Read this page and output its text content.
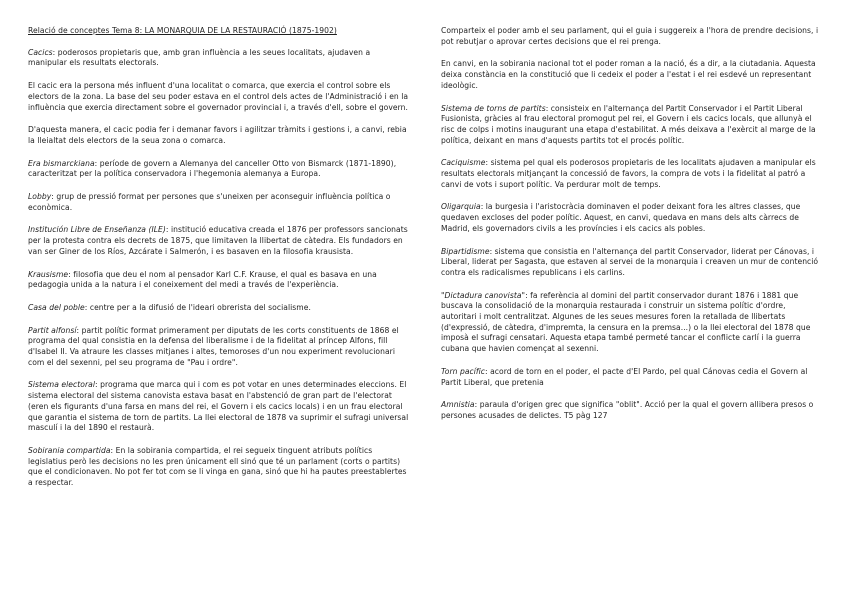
Relació de conceptes Tema 8: LA MONARQUIA DE LA RESTAURACIÓ (1875-1902)

Cacics: poderosos propietaris que, amb gran influència a les seues localitats, ajudaven a manipular els resultats electorals.

El cacic era la persona més influent d'una localitat o comarca, que exercia el control sobre els electors de la zona. La base del seu poder estava en el control dels actes de l'Administració i en la influència que exercia directament sobre el governador provincial i, a través d'ell, sobre el govern.

D'aquesta manera, el cacic podia fer i demanar favors i agilitzar tràmits i gestions i, a canvi, rebia la lleialtat dels electors de la seua zona o comarca.

Era bismarckiana: període de govern a Alemanya del canceller Otto von Bismarck (1871-1890), caracteritzat per la política conservadora i l'hegemonia alemanya a Europa.

Lobby: grup de pressió format per persones que s'uneixen per aconseguir influència política o econòmica.

Institución Libre de Enseñanza (ILE): institució educativa creada el 1876 per professors sancionats per la protesta contra els decrets de 1875, que limitaven la llibertat de càtedra. Els fundadors en van ser Giner de los Ríos, Azcárate i Salmerón, i es basaven en la filosofia krausista.

Krausisme: filosofia que deu el nom al pensador Karl C.F. Krause, el qual es basava en una pedagogia unida a la natura i el coneixement del medi a través de l'experiència.

Casa del poble: centre per a la difusió de l'ideari obrerista del socialisme.

Partit alfonsí: partit polític format primerament per diputats de les corts constituents de 1868 el programa del qual consistia en la defensa del liberalisme i de la fidelitat al príncep Alfons, fill d'Isabel II. Va atraure les classes mitjanes i altes, temoroses d'un nou experiment revolucionari com el del sexenni, pel seu programa de "Pau i ordre".

Sistema electoral: programa que marca qui i com es pot votar en unes determinades eleccions. El sistema electoral del sistema canovista estava basat en l'abstenció de gran part de l'electorat (eren els figurants d'una farsa en mans del rei, el Govern i els cacics locals) i en un frau electoral que garantia el sistema de torn de partits. La llei electoral de 1878 va suprimir el sufragi universal masculí i la del 1890 el restaurà.

Sobirania compartida: En la sobirania compartida, el rei segueix tinguent atributs polítics legislatius però les decisions no les pren únicament ell sinó que té un parlament (corts o partits) que el condicionaven. No pot fer tot com se li vinga en gana, sinó que hi ha pautes preestablertes a respectar.

Comparteix el poder amb el seu parlament, qui el guia i suggereix a l'hora de prendre decisions, i pot rebutjar o aprovar certes decisions que el rei prenga.

En canvi, en la sobirania nacional tot el poder roman a la nació, és a dir, a la ciutadania. Aquesta deixa constància en la constitució que li cedeix el poder a l'estat i el rei esdevé un representant ideològic.

Sistema de torns de partits: consisteix en l'alternança del Partit Conservador i el Partit Liberal Fusionista, gràcies al frau electoral promogut pel rei, el Govern i els cacics locals, que allunyà el risc de colps i motins inaugurant una etapa d'estabilitat. A més deixava a l'exèrcit al marge de la política, deixant en mans d'aquests partits tot el procés polític.

Caciquisme: sistema pel qual els poderosos propietaris de les localitats ajudaven a manipular els resultats electorals mitjançant la concessió de favors, la compra de vots i la fidelitat al patró a canvi de vots i suport polític. Va perdurar molt de temps.

Oligarquia: la burgesia i l'aristocràcia dominaven el poder deixant fora les altres classes, que quedaven excloses del poder polític. Aquest, en canvi, quedava en mans dels alts càrrecs de Madrid, els governadors civils a les províncies i els cacics als pobles.

Bipartidisme: sistema que consistia en l'alternança del partit Conservador, liderat per Cánovas, i Liberal, liderat per Sagasta, que estaven al servei de la monarquia i creaven un mur de contenció contra els radicalismes republicans i els carlins.

"Dictadura canovista": fa referència al domini del partit conservador durant 1876 i 1881 que buscava la consolidació de la monarquia restaurada i construir un sistema polític d'ordre, autoritari i molt centralitzat. Algunes de les seues mesures foren la retallada de llibertats (d'expressió, de càtedra, d'impremta, la censura en la premsa...) o la llei electoral del 1878 que imposà el sufragi censatari. Aquesta etapa també permeté tancar el conflicte carlí i la guerra cubana que havien començat al sexenni.

Torn pacífic: acord de torn en el poder, el pacte d'El Pardo, pel qual Cánovas cedia el Govern al Partit Liberal, que pretenia

Amnistia: paraula d'origen grec que significa "oblit". Acció per la qual el govern allibera presos o persones acusades de delictes. T5 pàg 127
